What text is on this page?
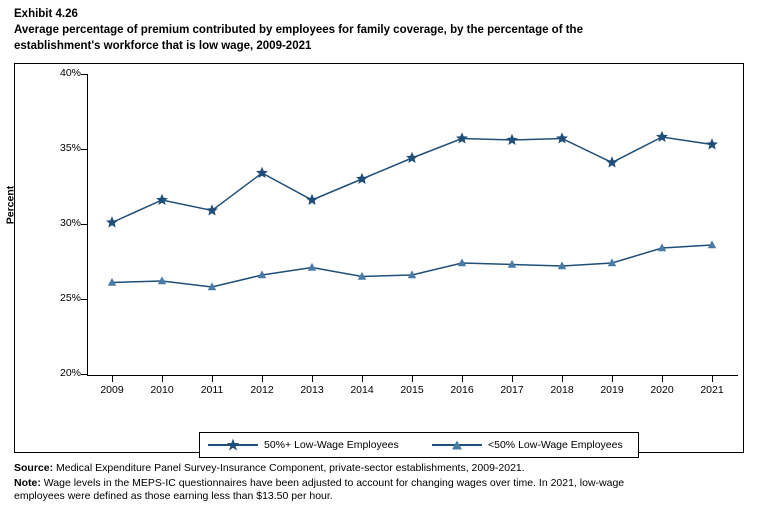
Exhibit 4.26
Average percentage of premium contributed by employees for family coverage, by the percentage of the
establishment's workforce that is low wage, 2009-2021
Percent
20%
25%
30%
35%
40%
2009	2010	2011	2012	2013	2014	2015	2016	2017	2018	2019	2020	2021
50%+ Low-Wage Employees	<50% Low-Wage Employees
Source: Medical Expenditure Panel Survey-Insurance Component, private-sector establishments, 2009-2021.
Note: Wage levels in the MEPS-IC questionnaires have been adjusted to account for changing wages over time. In 2021, low-wage
employees were defined as those earning less than $13.50 per hour.
